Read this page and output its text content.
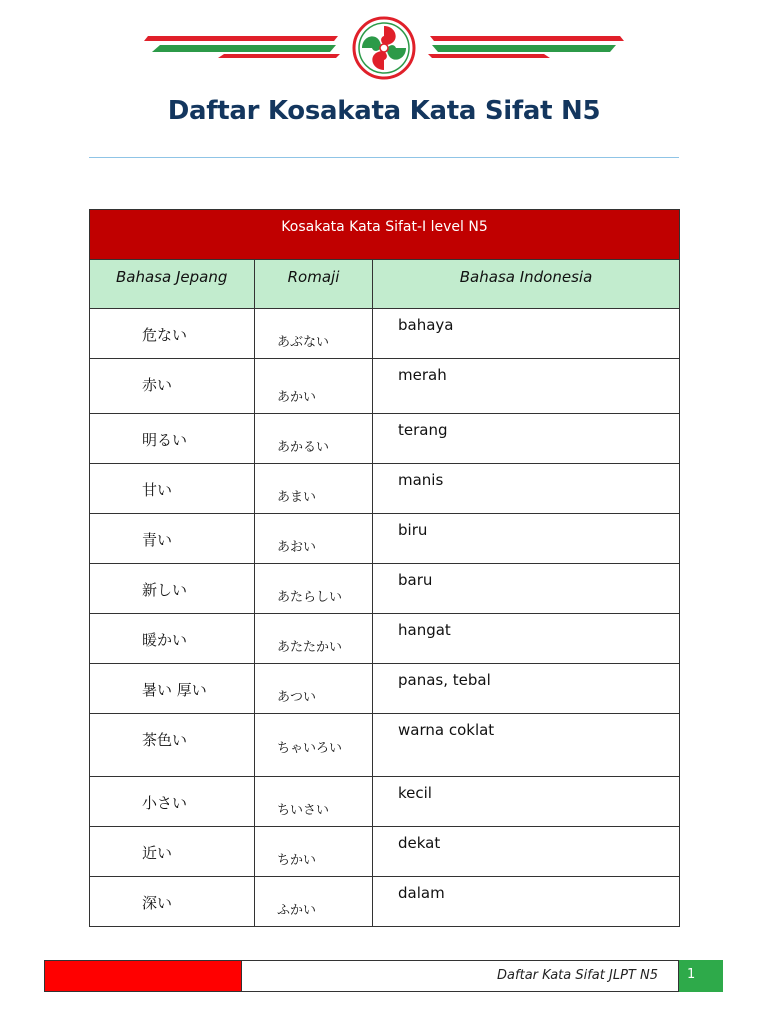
Daftar Kosakata Kata Sifat N5
Kosakata Kata Sifat-I level N5		

Bahasa Jepang	Romaji	Bahasa Indonesia

危ない	あぶない	bahaya

赤い	あかい	merah

明るい	あかるい	terang

甘い	あまい	manis

青い	あおい	biru

新しい	あたらしい	baru

暖かい	あたたかい	hangat

暑い 厚い	あつい	panas, tebal

茶色い	ちゃいろい	warna coklat

小さい	ちいさい	kecil

近い	ちかい	dekat

深い	ふかい	dalam
Daftar Kata Sifat JLPT N5 1
